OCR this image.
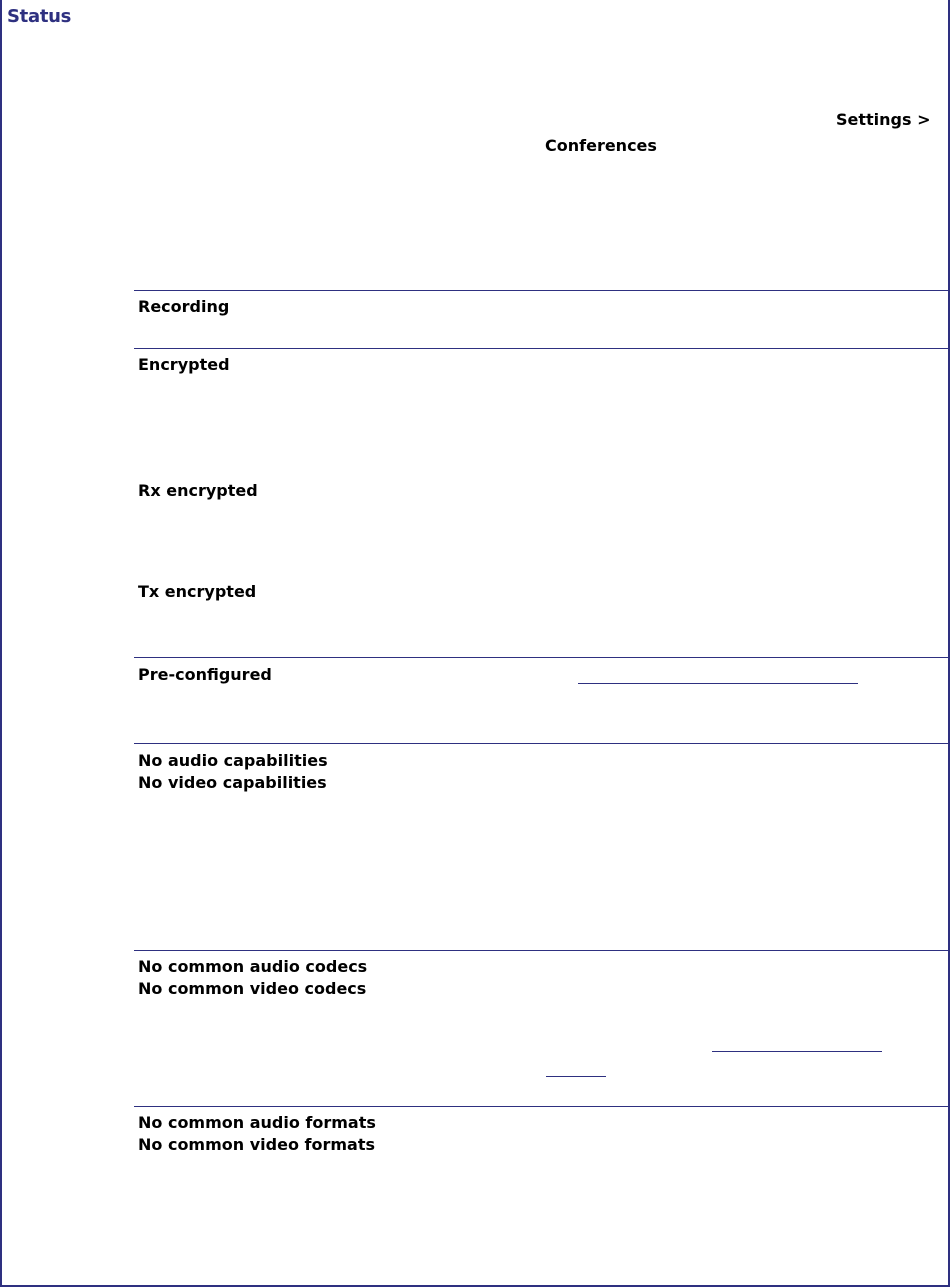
Status
Settings >
Conferences
Recording
Encrypted
Rx encrypted
Tx encrypted
Pre-configured
No audio capabilities
No video capabilities
No common audio codecs
No common video codecs
No common audio formats
No common video formats
